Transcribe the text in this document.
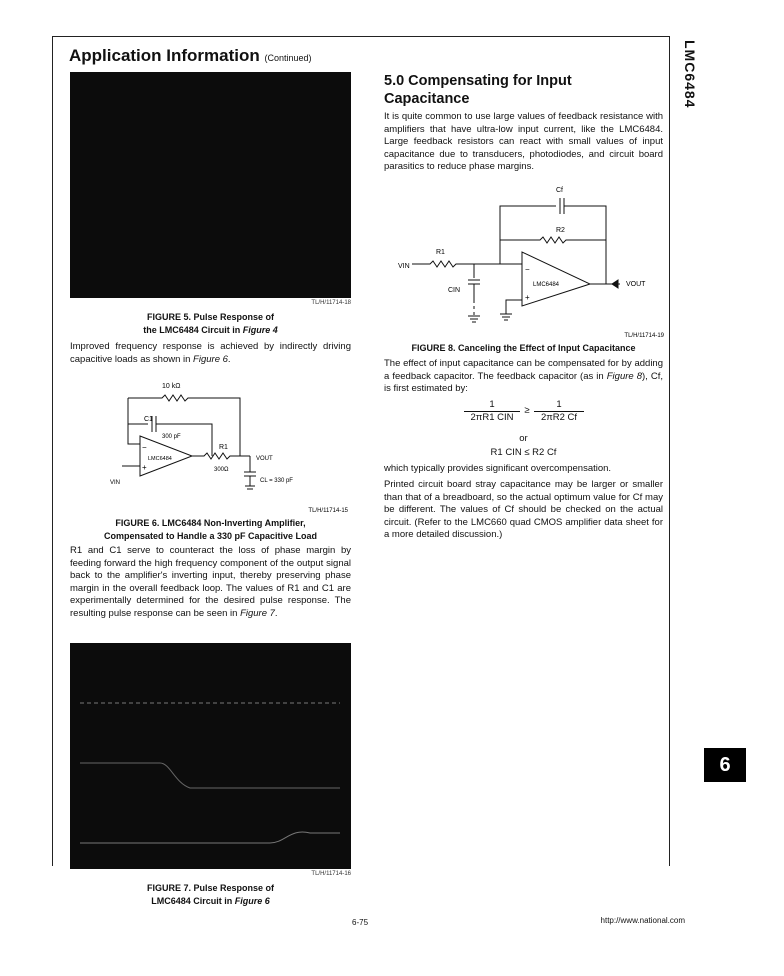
LMC6484
6
Application Information (Continued)
TL/H/11714-18
FIGURE 5. Pulse Response of
the LMC6484 Circuit in Figure 4
Improved frequency response is achieved by indirectly driving capacitive loads as shown in Figure 6.
10 kΩ
C1
300 pF
R1
300Ω
LMC6484
−
+
VOUT
VIN	CL = 330 pF
TL/H/11714-15
FIGURE 6. LMC6484 Non-Inverting Amplifier,
Compensated to Handle a 330 pF Capacitive Load
R1 and C1 serve to counteract the loss of phase margin by feeding forward the high frequency component of the output signal back to the amplifier's inverting input, thereby preserving phase margin in the overall feedback loop. The values of R1 and C1 are experimentally determined for the desired pulse response. The resulting pulse response can be seen in Figure 7.
TL/H/11714-16
FIGURE 7. Pulse Response of
LMC6484 Circuit in Figure 6
5.0 Compensating for Input Capacitance
It is quite common to use large values of feedback resistance with amplifiers that have ultra-low input current, like the LMC6484. Large feedback resistors can react with small values of input capacitance due to transducers, photodiodes, and circuit board parasitics to reduce phase margins.
Cf
R2
R1
VIN
CIN
LMC6484
−
+
VOUT
TL/H/11714-19
FIGURE 8. Canceling the Effect of Input Capacitance
The effect of input capacitance can be compensated for by adding a feedback capacitor. The feedback capacitor (as in Figure 8), Cf, is first estimated by:
1
2πR1 CIN
≥ $\frac{1}{2\pi R2 Cf}$
or
R1 CIN ≤ R2 Cf
which typically provides significant overcompensation.
Printed circuit board stray capacitance may be larger or smaller than that of a breadboard, so the actual optimum value for Cf may be different. The values of Cf should be checked on the actual circuit. (Refer to the LMC660 quad CMOS amplifier data sheet for a more detailed discussion.)
6-75	http://www.national.com
